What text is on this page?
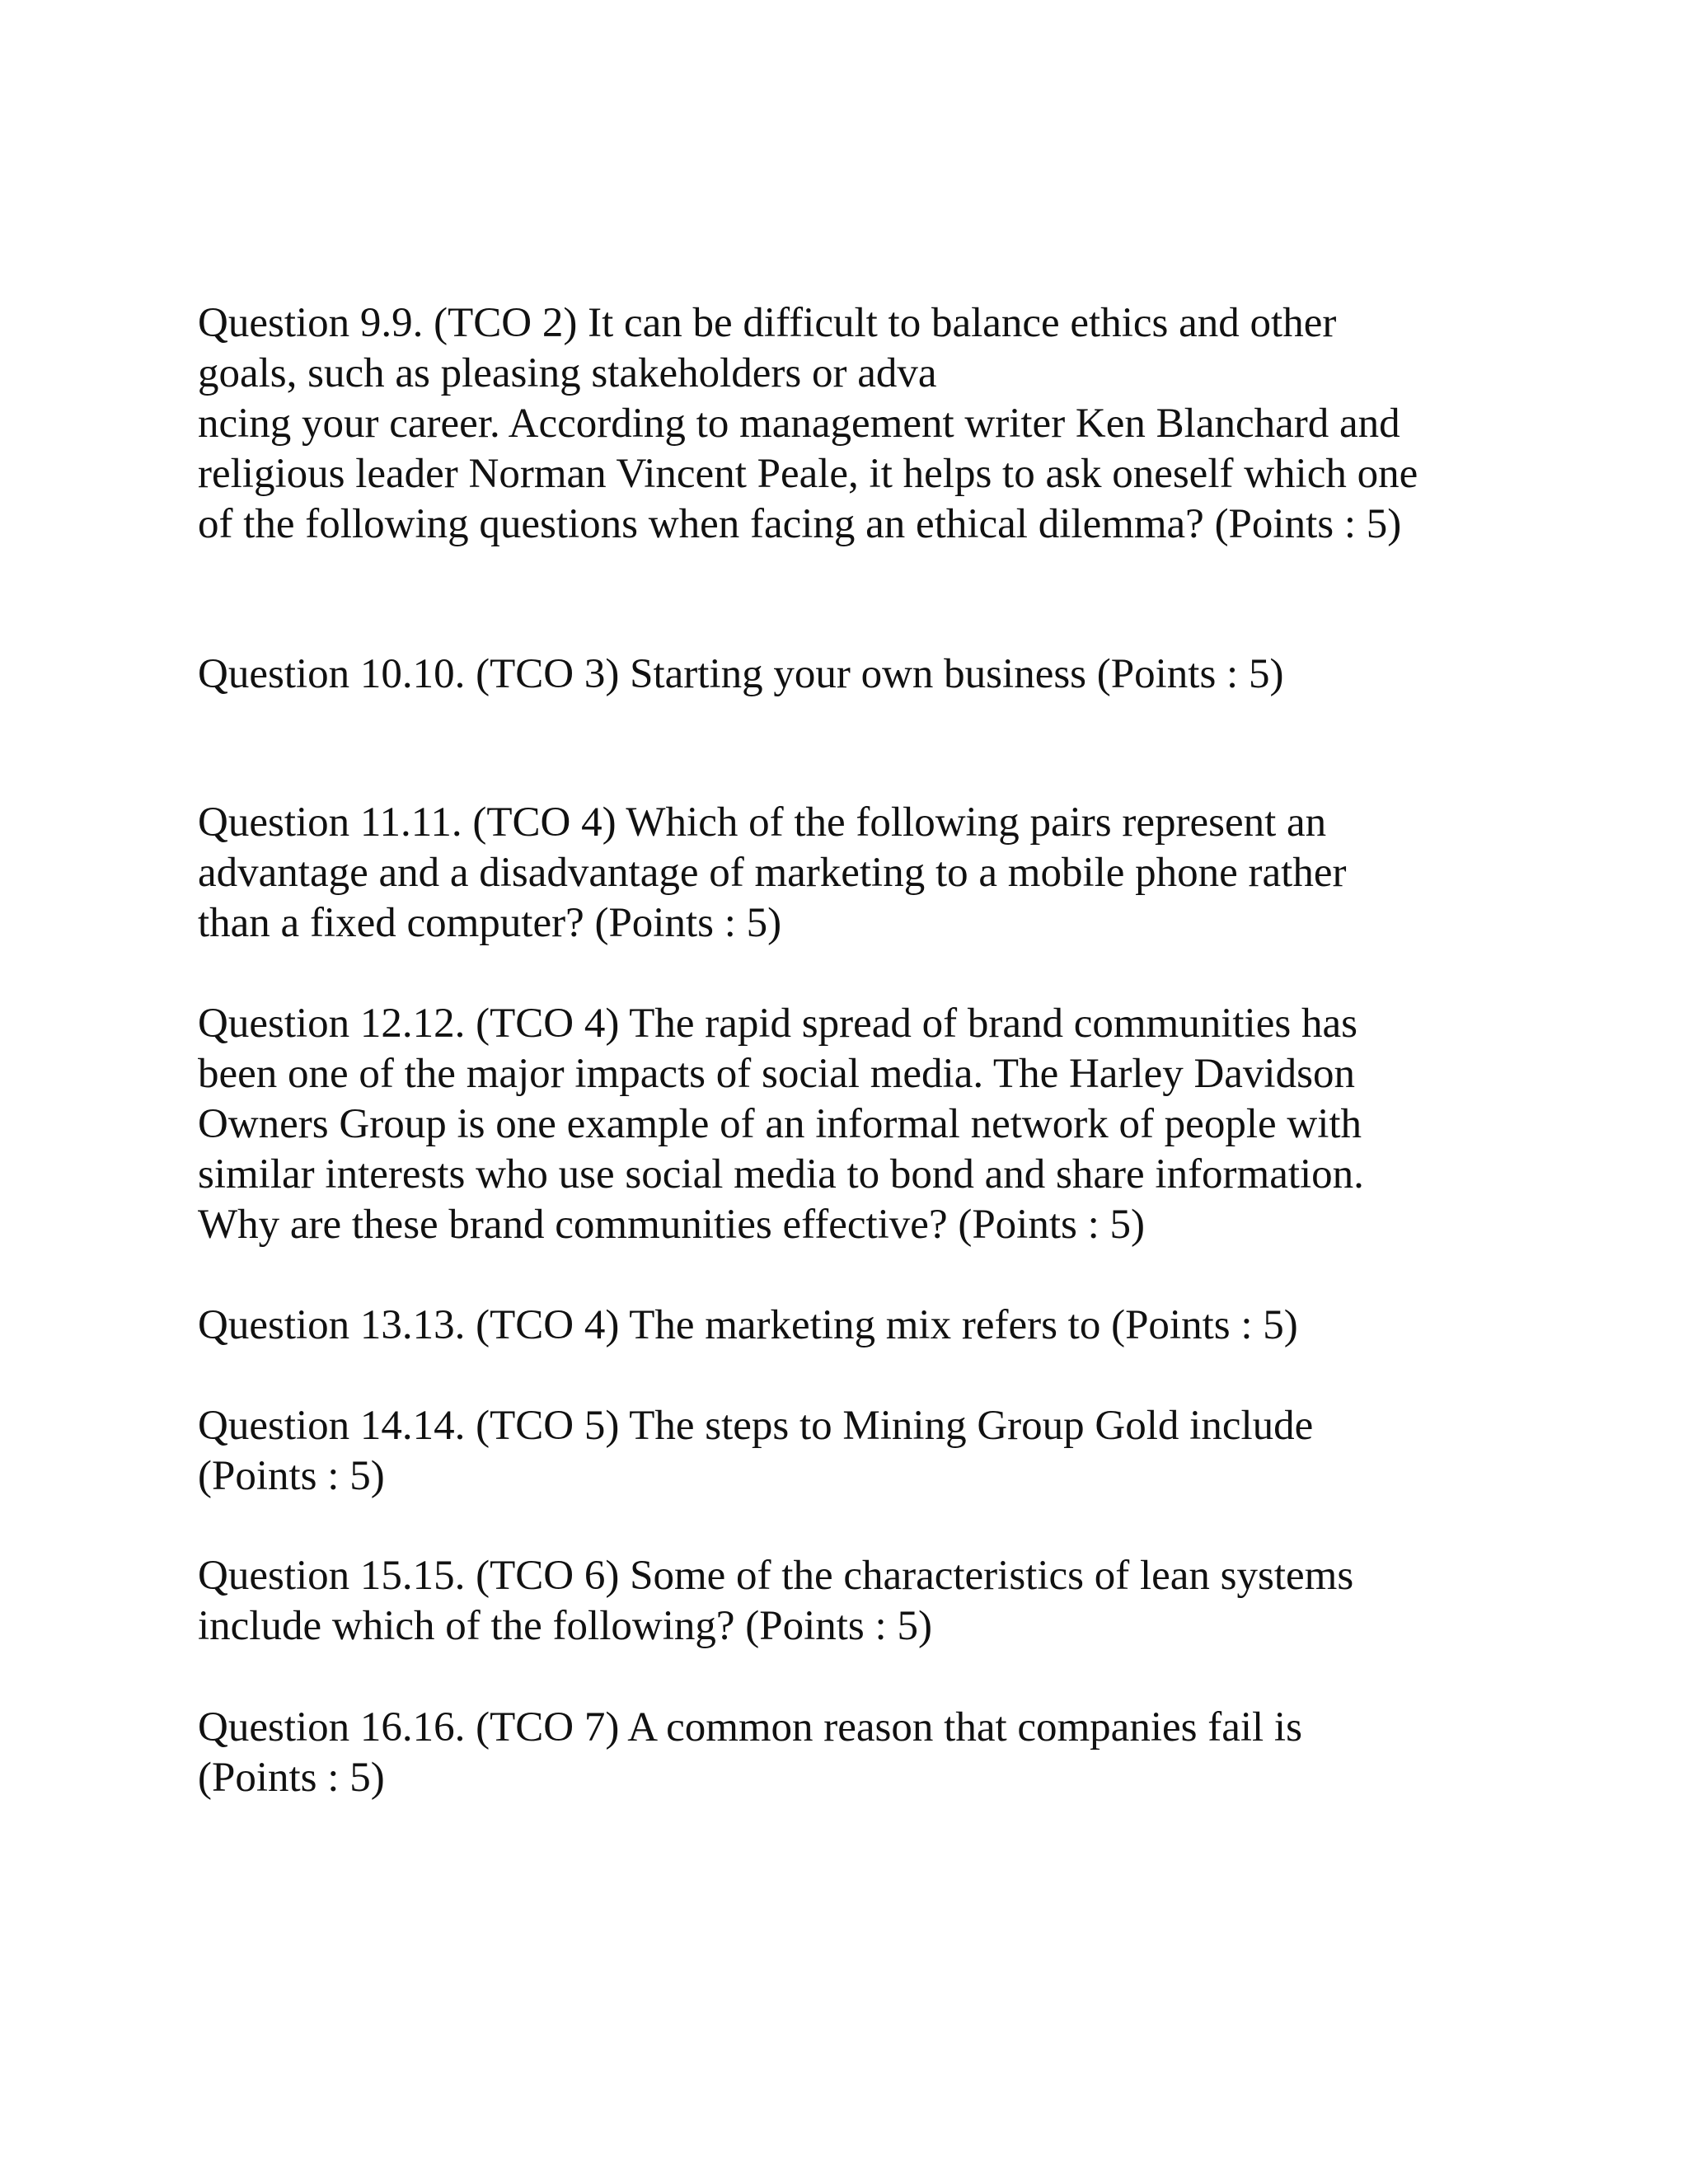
Question 9.9. (TCO 2) It can be difficult to balance ethics and other
goals, such as pleasing stakeholders or adva
ncing your career. According to management writer Ken Blanchard and
religious leader Norman Vincent Peale, it helps to ask oneself which one
of the following questions when facing an ethical dilemma? (Points : 5)
Question 10.10. (TCO 3) Starting your own business (Points : 5)
Question 11.11. (TCO 4) Which of the following pairs represent an
advantage and a disadvantage of marketing to a mobile phone rather
than a fixed computer? (Points : 5)
Question 12.12. (TCO 4) The rapid spread of brand communities has
been one of the major impacts of social media. The Harley Davidson
Owners Group is one example of an informal network of people with
similar interests who use social media to bond and share information.
Why are these brand communities effective? (Points : 5)
Question 13.13. (TCO 4) The marketing mix refers to (Points : 5)
Question 14.14. (TCO 5) The steps to Mining Group Gold include
(Points : 5)
Question 15.15. (TCO 6) Some of the characteristics of lean systems
include which of the following? (Points : 5)
Question 16.16. (TCO 7) A common reason that companies fail is
(Points : 5)
